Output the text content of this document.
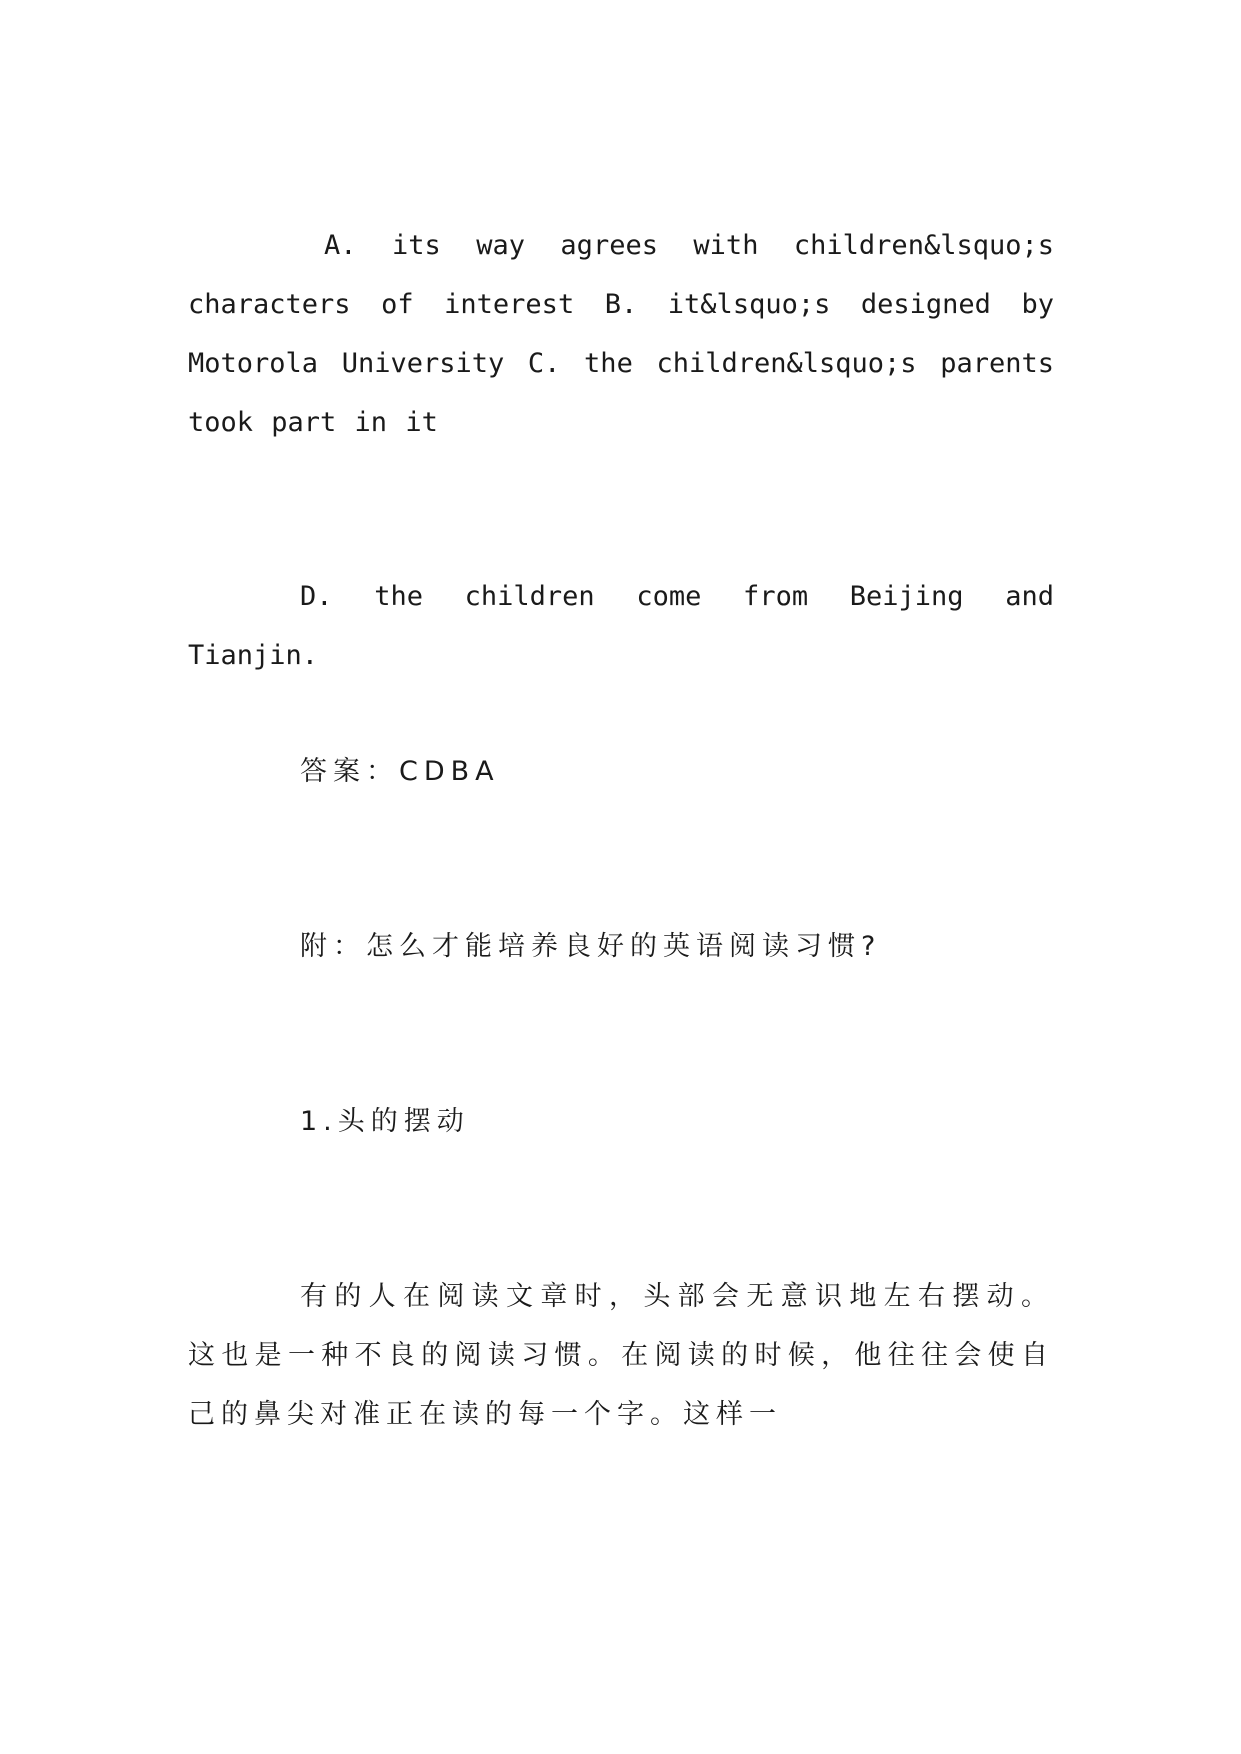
A. its way agrees with children&lsquo;s characters of interest B. it&lsquo;s designed by Motorola University C. the children&lsquo;s parents took part in it

D. the children come from Beijing and Tianjin.

答案：CDBA

附：怎么才能培养良好的英语阅读习惯?

1.头的摆动

有的人在阅读文章时，头部会无意识地左右摆动。这也是一种不良的阅读习惯。在阅读的时候，他往往会使自己的鼻尖对准正在读的每一个字。这样一
